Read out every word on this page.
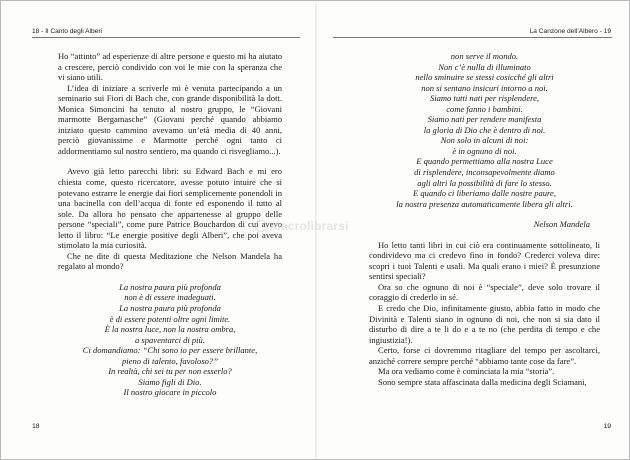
18 - Il Canto degli Alberi

Ho “attinto” ad esperienze di altre persone e questo mi ha aiutato a crescere, perciò condivido con voi le mie con la speranza che vi siano utili.

L’idea di iniziare a scriverle mi è venuta partecipando a un seminario sui Fiori di Bach che, con grande disponibilità la dott. Monica Simoncini ha tenuto al nostro gruppo, le “Giovani marmotte Bergamasche” (Giovani perché quando abbiamo iniziato questo cammino avevamo un’età media di 40 anni, perciò giovanissime e Marmotte perché ogni tanto ci addormentiamo sul nostro sentiero, ma quando ci risvegliamo...).

Avevo già letto parecchi libri: su Edward Bach e mi ero chiesta come, questo ricercatore, avesse potuto intuire che si potevano estrarre le energie dai fiori semplicemente ponendoli in una bacinella con dell’acqua di fonte ed esponendo il tutto al sole. Da allora ho pensato che appartenesse al gruppo delle persone “speciali”, come pure Patrice Bouchardon di cui avevo letto il libro: “Le energie positive degli Alberi”, che poi aveva stimolato la mia curiosità.

Che ne dite di questa Meditazione che Nelson Mandela ha regalato al mondo?

La nostra paura più profonda
non è di essere inadeguati.
La nostra paura più profonda
è di essere potenti oltre ogni limite.
È la nostra luce, non la nostra ombra,
a spaventarci di più.
Ci domandiamo: “Chi sono io per essere brillante,
pieno di talento, favoloso?”
In realtà, chi sei tu per non esserlo?
Siamo figli di Dio.
Il nostro giocare in piccolo
18
La Canzone dell’Albero - 19
non serve il mondo.
Non c’è nulla di illuminato
nello sminuire se stessi cosicché gli altri
non si sentano insicuri intorno a noi.
Siamo tutti nati per risplendere,
come fanno i bambini.
Siamo nati per rendere manifesta
la gloria di Dio che è dentro di noi.
Non solo in alcuni di noi:
è in ognuno di noi.
E quando permettiamo alla nostra Luce
di risplendere, inconsapevolmente diamo
agli altri la possibilità di fare lo stesso.
E quando ci liberiamo dalle nostre paure,
la nostra presenza automaticamente libera gli altri.
Nelson Mandela

Ho letto tanti libri in cui ciò era continuamente sottolineato, li condividevo ma ci credevo fino in fondo? Crederci voleva dire: scopri i tuoi Talenti e usali. Ma quali erano i miei? È presunzione sentirsi speciali?

Ora so che ognuno di noi è “speciale”, deve solo trovare il coraggio di crederlo in sé.

E credo che Dio, infinitamente giusto, abbia fatto in modo che Divinità e Talenti siano in ognuno di noi, che non si sia dato il disturbo di dire a te li do e a te no (che perdita di tempo e che ingiustizia!).

Certo, forse ci dovremmo ritagliare del tempo per ascoltarci, anziché correre sempre perché “abbiamo tante cose da fare”.

Ma ora vediamo come è cominciata la mia “storia”.

Sono sempre stata affascinata dalla medicina degli Sciamani,

19
macrolibrarsi
